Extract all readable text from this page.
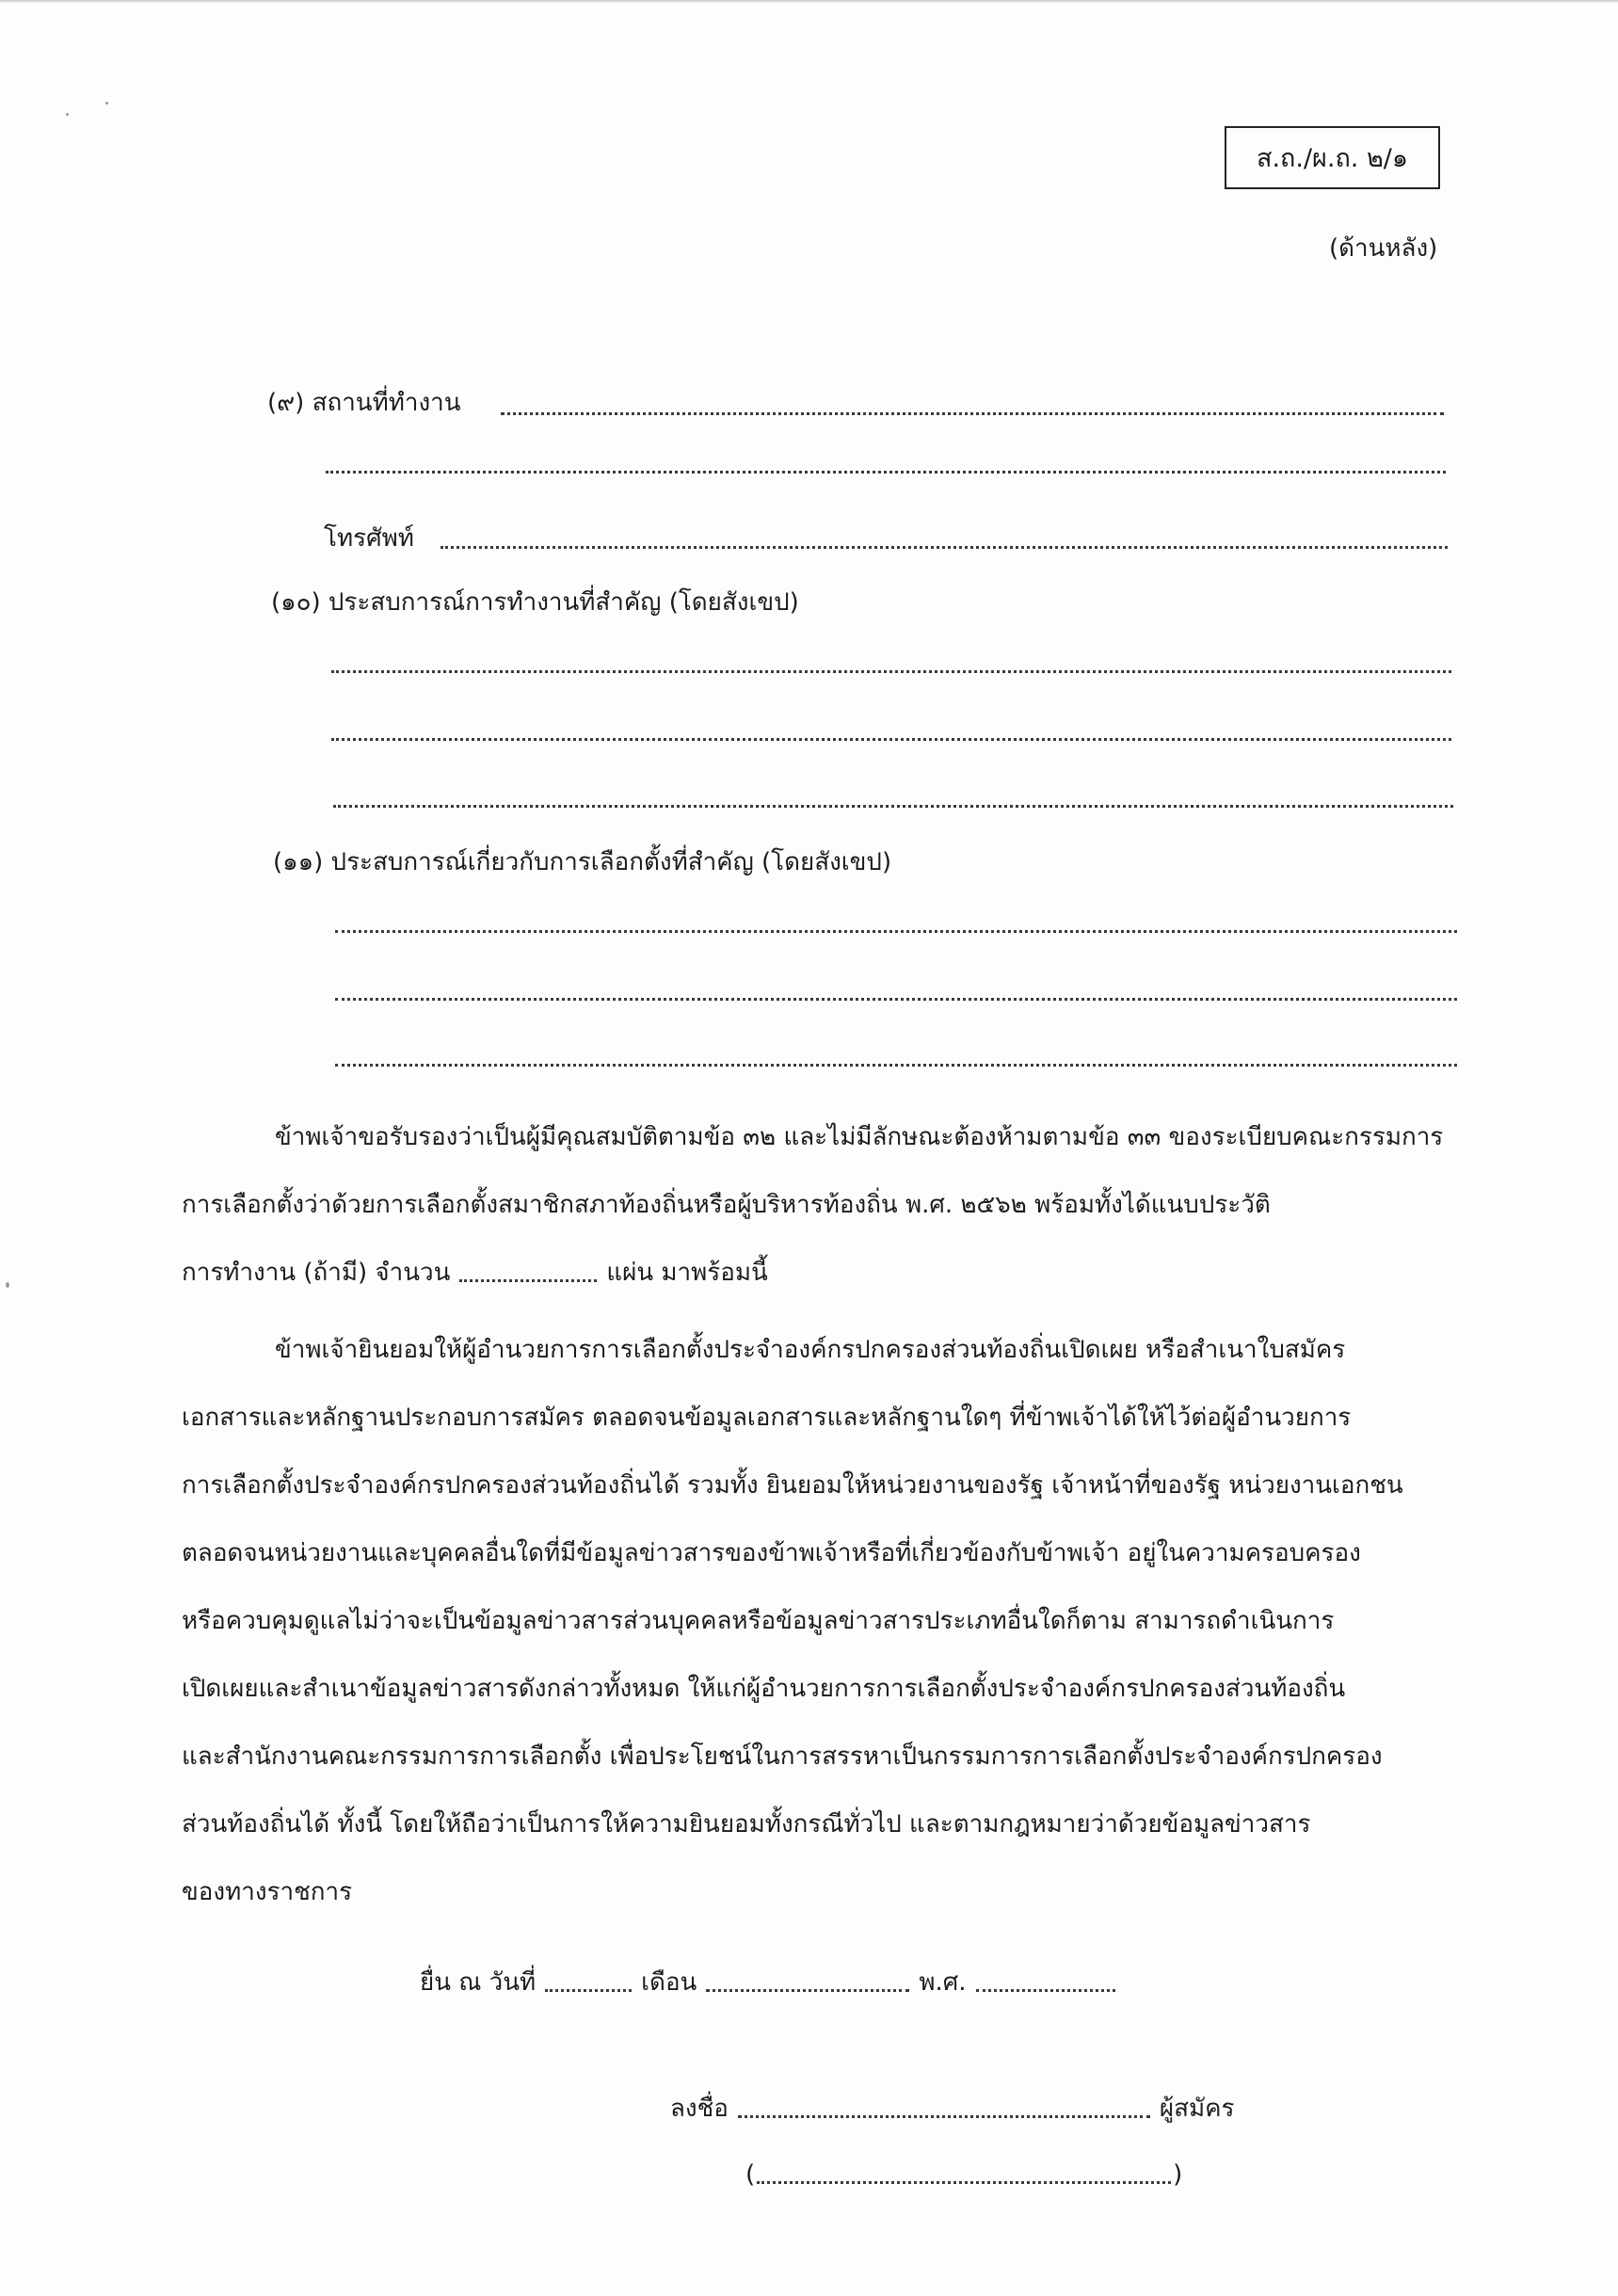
ส.ถ./ผ.ถ. ๒/๑
(ด้านหลัง)
(๙) สถานที่ทำงาน
โทรศัพท์
(๑๐) ประสบการณ์การทำงานที่สำคัญ (โดยสังเขป)
(๑๑) ประสบการณ์เกี่ยวกับการเลือกตั้งที่สำคัญ (โดยสังเขป)
ข้าพเจ้าขอรับรองว่าเป็นผู้มีคุณสมบัติตามข้อ ๓๒ และไม่มีลักษณะต้องห้ามตามข้อ ๓๓ ของระเบียบคณะกรรมการ
การเลือกตั้งว่าด้วยการเลือกตั้งสมาชิกสภาท้องถิ่นหรือผู้บริหารท้องถิ่น พ.ศ. ๒๕๖๒ พร้อมทั้งได้แนบประวัติ
การทำงาน (ถ้ามี) จำนวน	แผ่น มาพร้อมนี้
ข้าพเจ้ายินยอมให้ผู้อำนวยการการเลือกตั้งประจำองค์กรปกครองส่วนท้องถิ่นเปิดเผย หรือสำเนาใบสมัคร
เอกสารและหลักฐานประกอบการสมัคร ตลอดจนข้อมูลเอกสารและหลักฐานใดๆ ที่ข้าพเจ้าได้ให้ไว้ต่อผู้อำนวยการ
การเลือกตั้งประจำองค์กรปกครองส่วนท้องถิ่นได้ รวมทั้ง ยินยอมให้หน่วยงานของรัฐ เจ้าหน้าที่ของรัฐ หน่วยงานเอกชน
ตลอดจนหน่วยงานและบุคคลอื่นใดที่มีข้อมูลข่าวสารของข้าพเจ้าหรือที่เกี่ยวข้องกับข้าพเจ้า อยู่ในความครอบครอง
หรือควบคุมดูแลไม่ว่าจะเป็นข้อมูลข่าวสารส่วนบุคคลหรือข้อมูลข่าวสารประเภทอื่นใดก็ตาม สามารถดำเนินการ
เปิดเผยและสำเนาข้อมูลข่าวสารดังกล่าวทั้งหมด ให้แก่ผู้อำนวยการการเลือกตั้งประจำองค์กรปกครองส่วนท้องถิ่น
และสำนักงานคณะกรรมการการเลือกตั้ง เพื่อประโยชน์ในการสรรหาเป็นกรรมการการเลือกตั้งประจำองค์กรปกครอง
ส่วนท้องถิ่นได้ ทั้งนี้ โดยให้ถือว่าเป็นการให้ความยินยอมทั้งกรณีทั่วไป และตามกฎหมายว่าด้วยข้อมูลข่าวสาร
ของทางราชการ
ยื่น ณ วันที่	เดือน	พ.ศ.
ลงชื่อ	ผู้สมัคร
(	)
